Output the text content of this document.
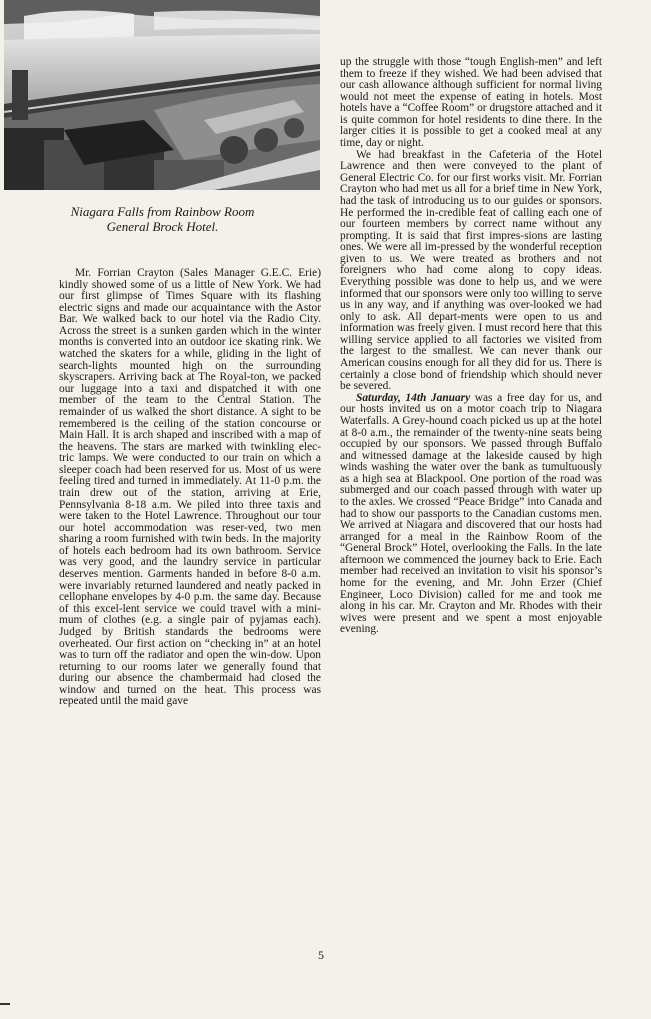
Niagara Falls from Rainbow Room
General Brock Hotel.

Mr. Forrian Crayton (Sales Manager G.E.C. Erie) kindly showed some of us a little of New York. We had our first glimpse of Times Square with its flashing electric signs and made our acquaintance with the Astor Bar. We walked back to our hotel via the Radio City. Across the street is a sunken garden which in the winter months is converted into an outdoor ice skating rink. We watched the skaters for a while, gliding in the light of search-lights mounted high on the surrounding skyscrapers. Arriving back at The Royal-ton, we packed our luggage into a taxi and dispatched it with one member of the team to the Central Station. The remainder of us walked the short distance. A sight to be remembered is the ceiling of the station concourse or Main Hall. It is arch shaped and inscribed with a map of the heavens. The stars are marked with twinkling elec-tric lamps. We were conducted to our train on which a sleeper coach had been reserved for us. Most of us were feeling tired and turned in immediately. At 11-0 p.m. the train drew out of the station, arriving at Erie, Pennsylvania 8-18 a.m. We piled into three taxis and were taken to the Hotel Lawrence. Throughout our tour our hotel accommodation was reser-ved, two men sharing a room furnished with twin beds. In the majority of hotels each bedroom had its own bathroom. Service was very good, and the laundry service in particular deserves mention. Garments handed in before 8-0 a.m. were invariably returned laundered and neatly packed in cellophane envelopes by 4-0 p.m. the same day. Because of this excel-lent service we could travel with a mini-mum of clothes (e.g. a single pair of pyjamas each). Judged by British standards the bedrooms were overheated. Our first action on “checking in” at an hotel was to turn off the radiator and open the win-dow. Upon returning to our rooms later we generally found that during our absence the chambermaid had closed the window and turned on the heat. This process was repeated until the maid gave

up the struggle with those “tough English-men” and left them to freeze if they wished. We had been advised that our cash allowance although sufficient for normal living would not meet the expense of eating in hotels. Most hotels have a “Coffee Room” or drugstore attached and it is quite common for hotel residents to dine there. In the larger cities it is possible to get a cooked meal at any time, day or night.

We had breakfast in the Cafeteria of the Hotel Lawrence and then were conveyed to the plant of General Electric Co. for our first works visit. Mr. Forrian Crayton who had met us all for a brief time in New York, had the task of introducing us to our guides or sponsors. He performed the in-credible feat of calling each one of our fourteen members by correct name without any prompting. It is said that first impres-sions are lasting ones. We were all im-pressed by the wonderful reception given to us. We were treated as brothers and not foreigners who had come along to copy ideas. Everything possible was done to help us, and we were informed that our sponsors were only too willing to serve us in any way, and if anything was over-looked we had only to ask. All depart-ments were open to us and information was freely given. I must record here that this willing service applied to all factories we visited from the largest to the smallest. We can never thank our American cousins enough for all they did for us. There is certainly a close bond of friendship which should never be severed.

Saturday, 14th January was a free day for us, and our hosts invited us on a motor coach trip to Niagara Waterfalls. A Grey-hound coach picked us up at the hotel at 8-0 a.m., the remainder of the twenty-nine seats being occupied by our sponsors. We passed through Buffalo and witnessed damage at the lakeside caused by high winds washing the water over the bank as tumultuously as a high sea at Blackpool. One portion of the road was submerged and our coach passed through with water up to the axles. We crossed “Peace Bridge” into Canada and had to show our passports to the Canadian customs men. We arrived at Niagara and discovered that our hosts had arranged for a meal in the Rainbow Room of the “General Brock” Hotel, overlooking the Falls. In the late afternoon we commenced the journey back to Erie. Each member had received an invitation to visit his sponsor’s home for the evening, and Mr. John Erzer (Chief Engineer, Loco Division) called for me and took me along in his car. Mr. Crayton and Mr. Rhodes with their wives were present and we spent a most enjoyable evening.

5
